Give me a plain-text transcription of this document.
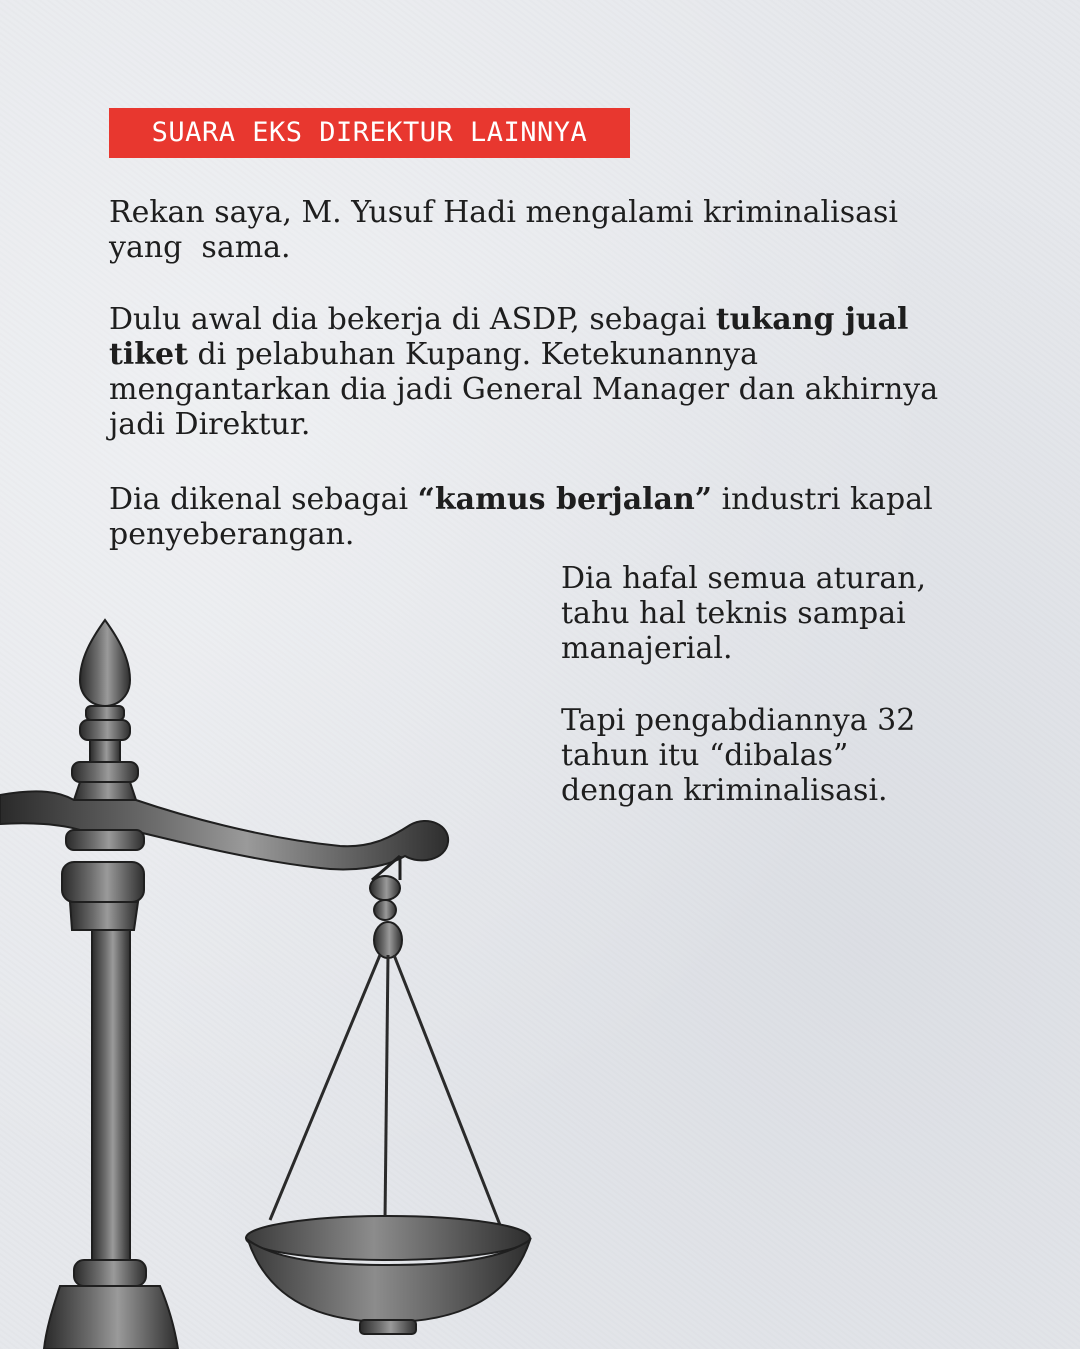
SUARA EKS DIREKTUR LAINNYA

Rekan saya, M. Yusuf Hadi mengalami kriminalisasi
yang  sama.

Dulu awal dia bekerja di ASDP, sebagai tukang jual
tiket di pelabuhan Kupang. Ketekunannya
mengantarkan dia jadi General Manager dan akhirnya
jadi Direktur.

Dia dikenal sebagai “kamus berjalan” industri kapal
penyeberangan.

Dia hafal semua aturan,
tahu hal teknis sampai
manajerial.

Tapi pengabdiannya 32
tahun itu “dibalas”
dengan kriminalisasi.
